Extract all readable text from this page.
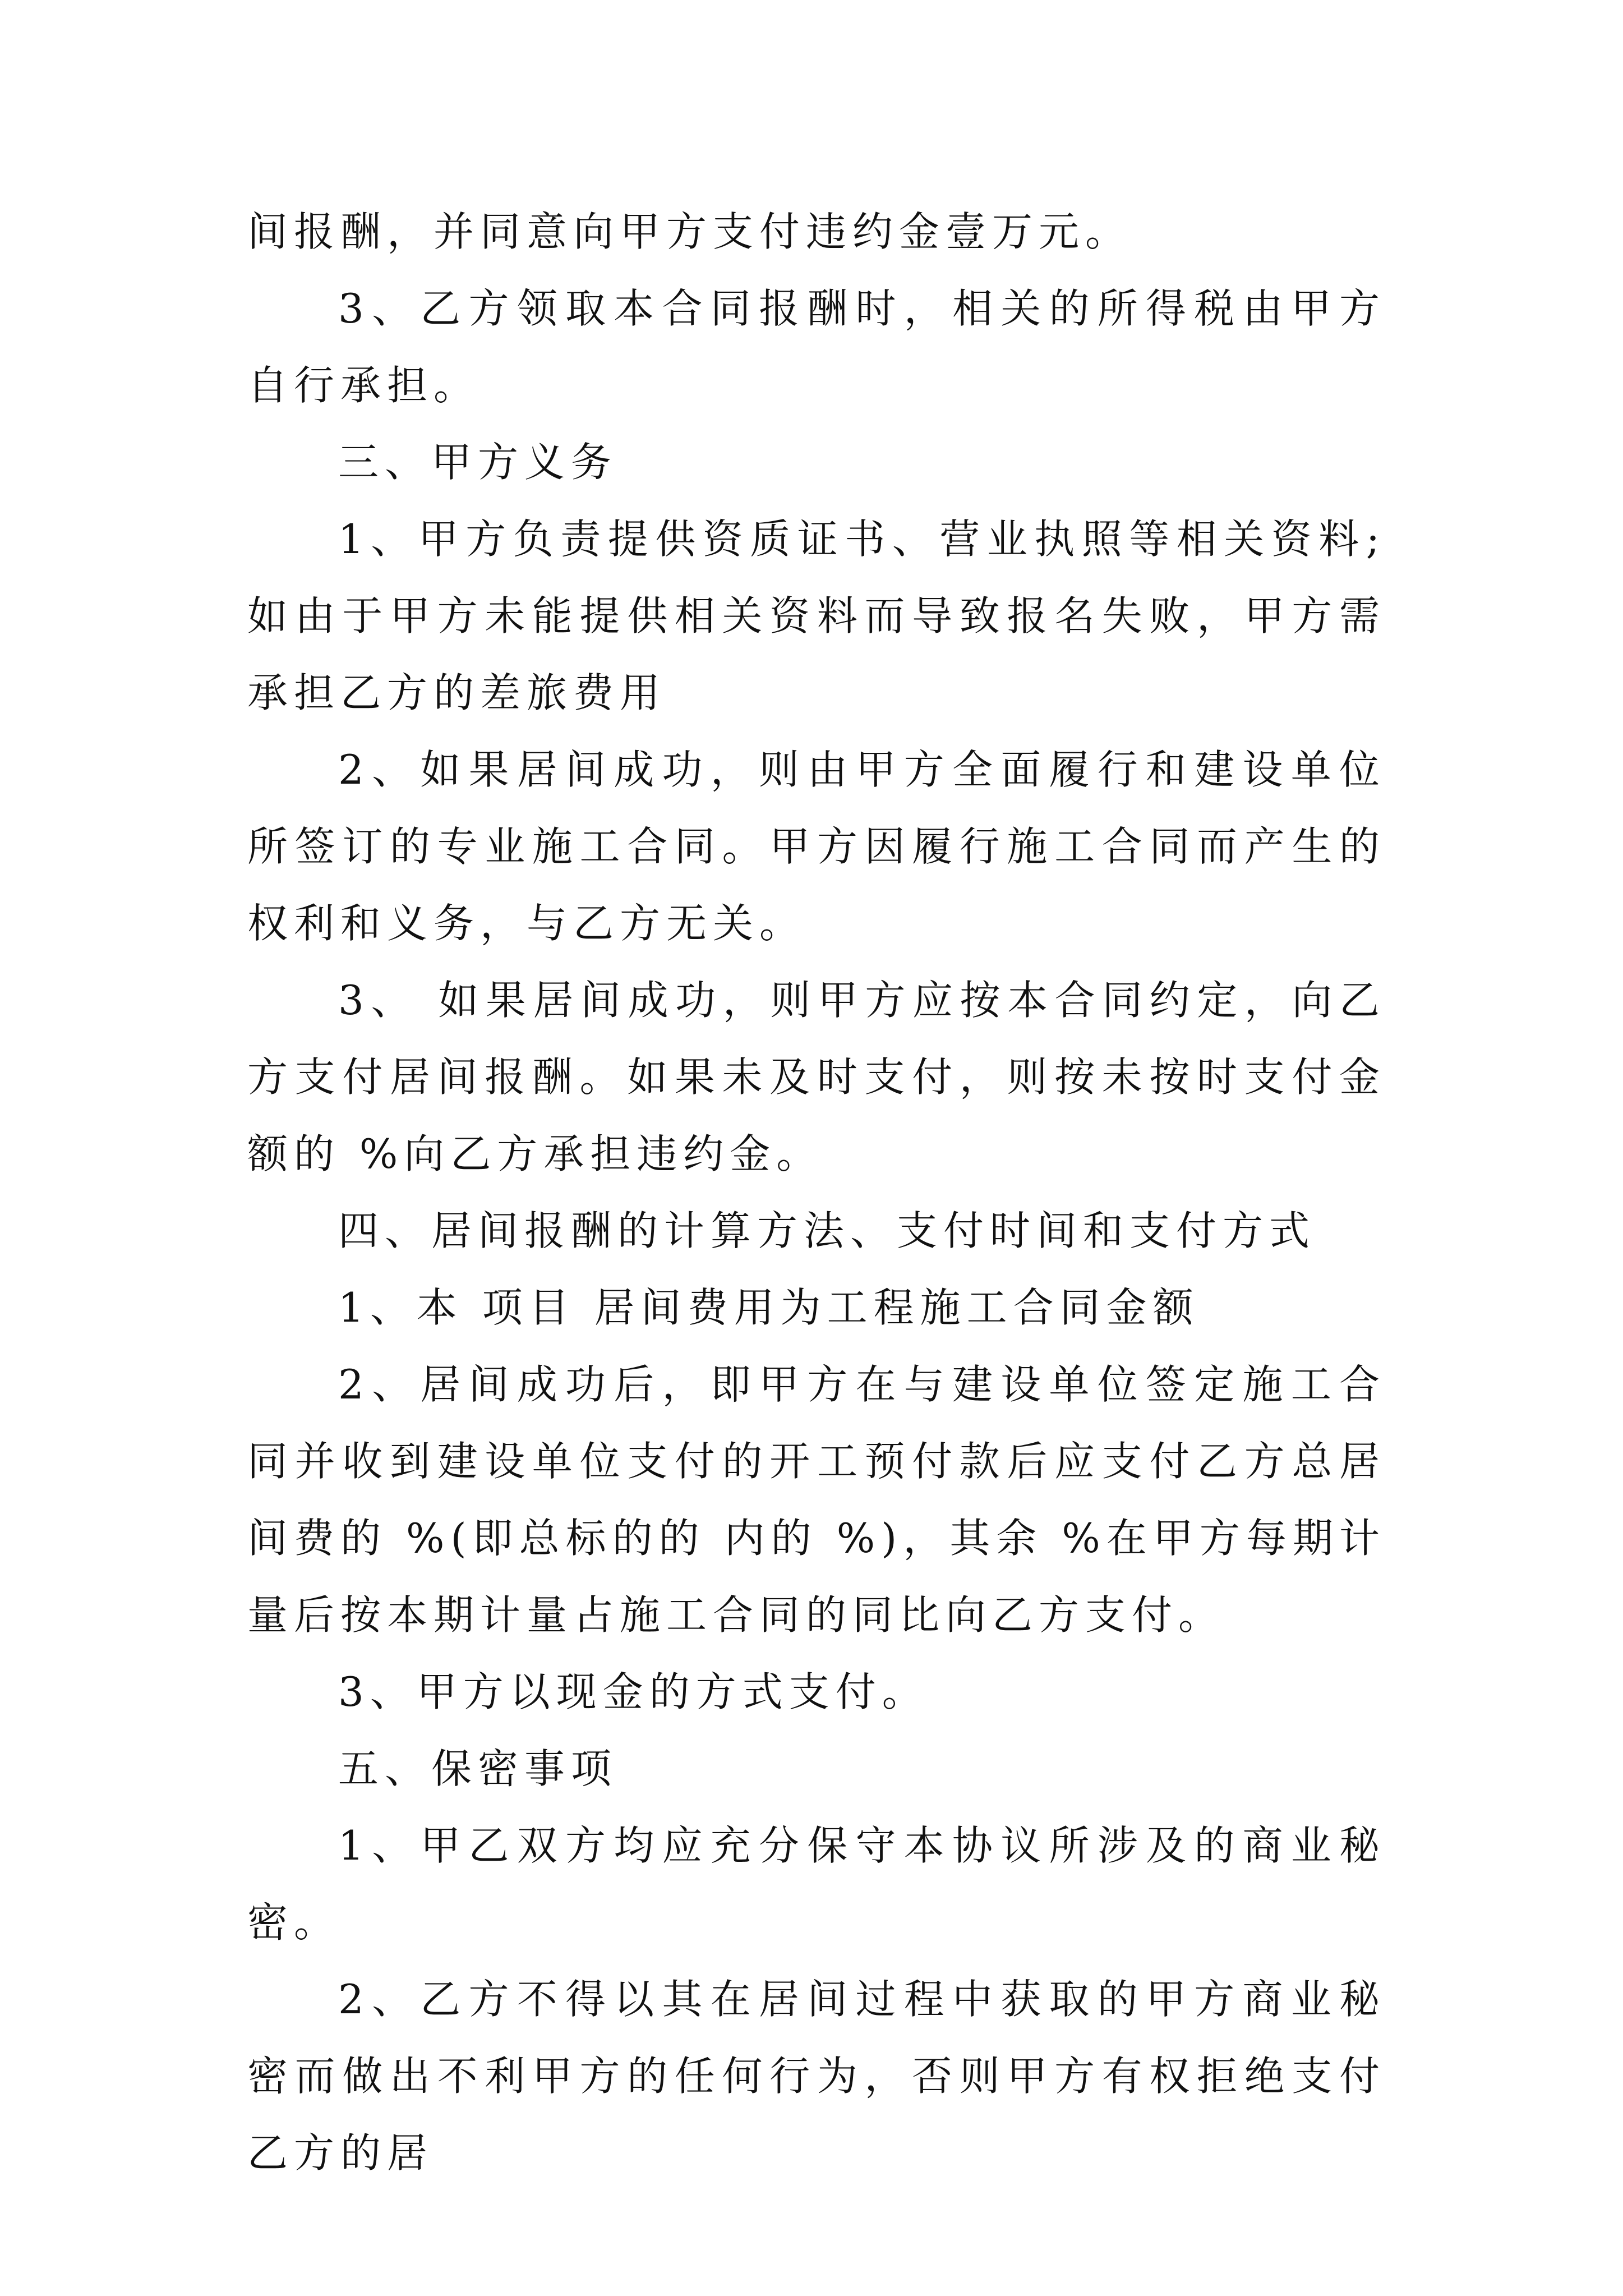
间报酬，并同意向甲方支付违约金壹万元。

3、乙方领取本合同报酬时，相关的所得税由甲方自行承担。

三、甲方义务

1、甲方负责提供资质证书、营业执照等相关资料;如由于甲方未能提供相关资料而导致报名失败，甲方需承担乙方的差旅费用

2、如果居间成功，则由甲方全面履行和建设单位所签订的专业施工合同。甲方因履行施工合同而产生的权利和义务，与乙方无关。

3、 如果居间成功，则甲方应按本合同约定，向乙方支付居间报酬。如果未及时支付，则按未按时支付金额的 %向乙方承担违约金。

四、居间报酬的计算方法、支付时间和支付方式

1、本 项目 居间费用为工程施工合同金额

2、居间成功后，即甲方在与建设单位签定施工合同并收到建设单位支付的开工预付款后应支付乙方总居间费的 %(即总标的的 内的 %)，其余 %在甲方每期计量后按本期计量占施工合同的同比向乙方支付。

3、甲方以现金的方式支付。

五、保密事项

1、甲乙双方均应充分保守本协议所涉及的商业秘密。

2、乙方不得以其在居间过程中获取的甲方商业秘密而做出不利甲方的任何行为，否则甲方有权拒绝支付乙方的居
